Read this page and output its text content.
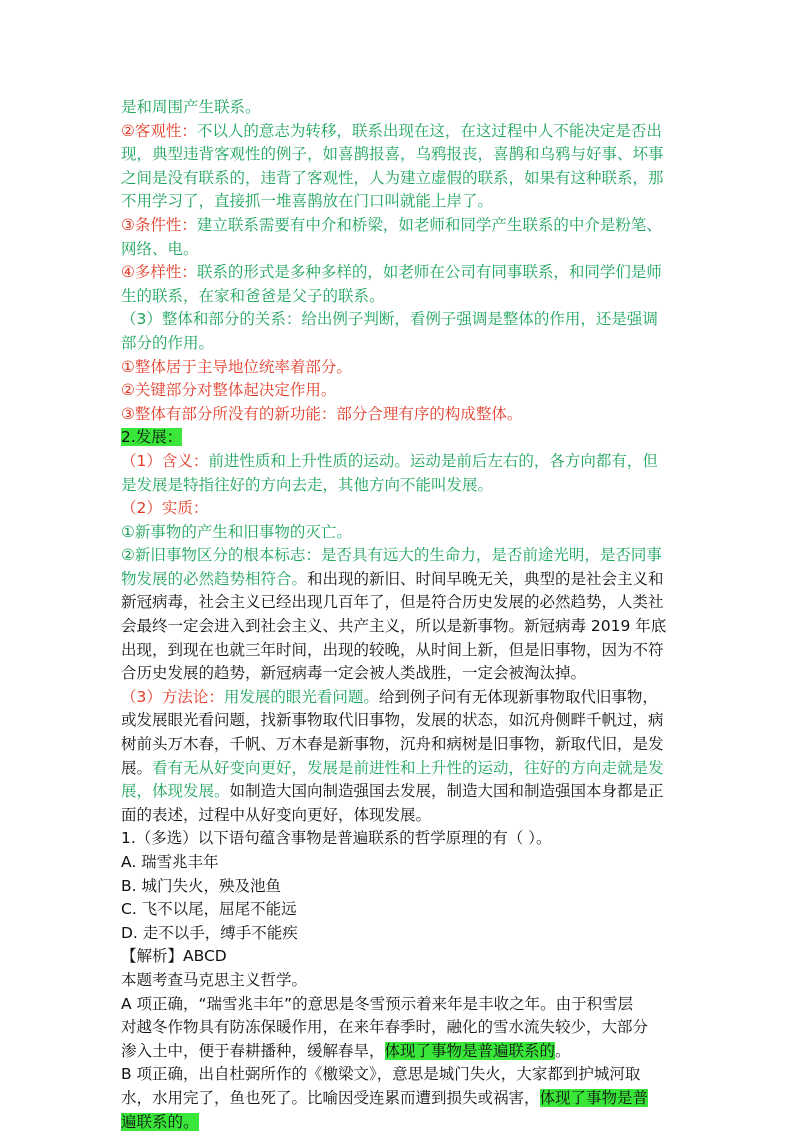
是和周围产生联系。
②客观性：不以人的意志为转移，联系出现在这，在这过程中人不能决定是否出
现，典型违背客观性的例子，如喜鹊报喜，乌鸦报丧，喜鹊和乌鸦与好事、坏事
之间是没有联系的，违背了客观性，人为建立虚假的联系，如果有这种联系，那
不用学习了，直接抓一堆喜鹊放在门口叫就能上岸了。
③条件性：建立联系需要有中介和桥梁，如老师和同学产生联系的中介是粉笔、
网络、电。
④多样性：联系的形式是多种多样的，如老师在公司有同事联系，和同学们是师
生的联系，在家和爸爸是父子的联系。
（3）整体和部分的关系：给出例子判断，看例子强调是整体的作用，还是强调
部分的作用。
①整体居于主导地位统率着部分。
②关键部分对整体起决定作用。
③整体有部分所没有的新功能：部分合理有序的构成整体。
2.发展：
（1）含义：前进性质和上升性质的运动。运动是前后左右的，各方向都有，但
是发展是特指往好的方向去走，其他方向不能叫发展。
（2）实质：
①新事物的产生和旧事物的灭亡。
②新旧事物区分的根本标志：是否具有远大的生命力，是否前途光明，是否同事
物发展的必然趋势相符合。和出现的新旧、时间早晚无关，典型的是社会主义和
新冠病毒，社会主义已经出现几百年了，但是符合历史发展的必然趋势，人类社
会最终一定会进入到社会主义、共产主义，所以是新事物。新冠病毒 2019 年底
出现，到现在也就三年时间，出现的较晚，从时间上新，但是旧事物，因为不符
合历史发展的趋势，新冠病毒一定会被人类战胜，一定会被淘汰掉。
（3）方法论：用发展的眼光看问题。给到例子问有无体现新事物取代旧事物，
或发展眼光看问题，找新事物取代旧事物，发展的状态，如沉舟侧畔千帆过，病
树前头万木春，千帆、万木春是新事物，沉舟和病树是旧事物，新取代旧，是发
展。看有无从好变向更好，发展是前进性和上升性的运动，往好的方向走就是发
展，体现发展。如制造大国向制造强国去发展，制造大国和制造强国本身都是正
面的表述，过程中从好变向更好，体现发展。
1.（多选）以下语句蕴含事物是普遍联系的哲学原理的有（ ）。
A. 瑞雪兆丰年
B. 城门失火，殃及池鱼
C. 飞不以尾，屈尾不能远
D. 走不以手，缚手不能疾
【解析】ABCD
本题考查马克思主义哲学。
A 项正确，“瑞雪兆丰年”的意思是冬雪预示着来年是丰收之年。由于积雪层
对越冬作物具有防冻保暖作用，在来年春季时，融化的雪水流失较少，大部分
渗入土中，便于春耕播种，缓解春旱，体现了事物是普遍联系的。
B 项正确，出自杜弼所作的《檄梁文》，意思是城门失火，大家都到护城河取
水，水用完了，鱼也死了。比喻因受连累而遭到损失或祸害，体现了事物是普
遍联系的。
